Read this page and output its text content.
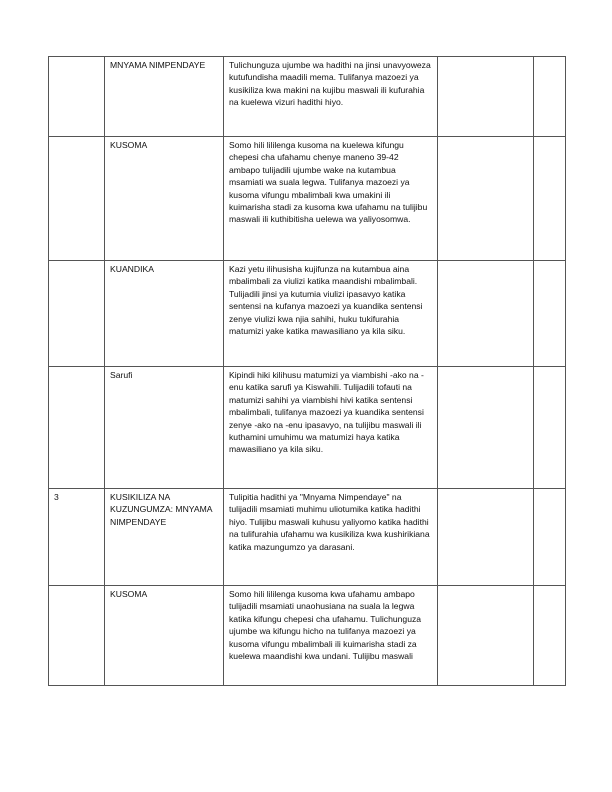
	MNYAMA NIMPENDAYE	Tulichunguza ujumbe wa hadithi na jinsi unavyoweza kutufundisha maadili mema. Tulifanya mazoezi ya kusikiliza kwa makini na kujibu maswali ili kufurahia na kuelewa vizuri hadithi hiyo.		
	KUSOMA	Somo hili lililenga kusoma na kuelewa kifungu chepesi cha ufahamu chenye maneno 39-42 ambapo tulijadili ujumbe wake na kutambua msamiati wa suala legwa. Tulifanya mazoezi ya kusoma vifungu mbalimbali kwa umakini ili kuimarisha stadi za kusoma kwa ufahamu na tulijibu maswali ili kuthibitisha uelewa wa yaliyosomwa.		
	KUANDIKA	Kazi yetu ilihusisha kujifunza na kutambua aina mbalimbali za viulizi katika maandishi mbalimbali. Tulijadili jinsi ya kutumia viulizi ipasavyo katika sentensi na kufanya mazoezi ya kuandika sentensi zenye viulizi kwa njia sahihi, huku tukifurahia matumizi yake katika mawasiliano ya kila siku.		
	Sarufi	Kipindi hiki kilihusu matumizi ya viambishi -ako na -enu katika sarufi ya Kiswahili. Tulijadili tofauti na matumizi sahihi ya viambishi hivi katika sentensi mbalimbali, tulifanya mazoezi ya kuandika sentensi zenye -ako na -enu ipasavyo, na tulijibu maswali ili kuthamini umuhimu wa matumizi haya katika mawasiliano ya kila siku.		
3	KUSIKILIZA NA KUZUNGUMZA: MNYAMA NIMPENDAYE	Tulipitia hadithi ya "Mnyama Nimpendaye" na tulijadili msamiati muhimu uliotumika katika hadithi hiyo. Tulijibu maswali kuhusu yaliyomo katika hadithi na tulifurahia ufahamu wa kusikiliza kwa kushirikiana katika mazungumzo ya darasani.		
	KUSOMA	Somo hili lililenga kusoma kwa ufahamu ambapo tulijadili msamiati unaohusiana na suala la legwa katika kifungu chepesi cha ufahamu. Tulichunguza ujumbe wa kifungu hicho na tulifanya mazoezi ya kusoma vifungu mbalimbali ili kuimarisha stadi za kuelewa maandishi kwa undani. Tulijibu maswali		
